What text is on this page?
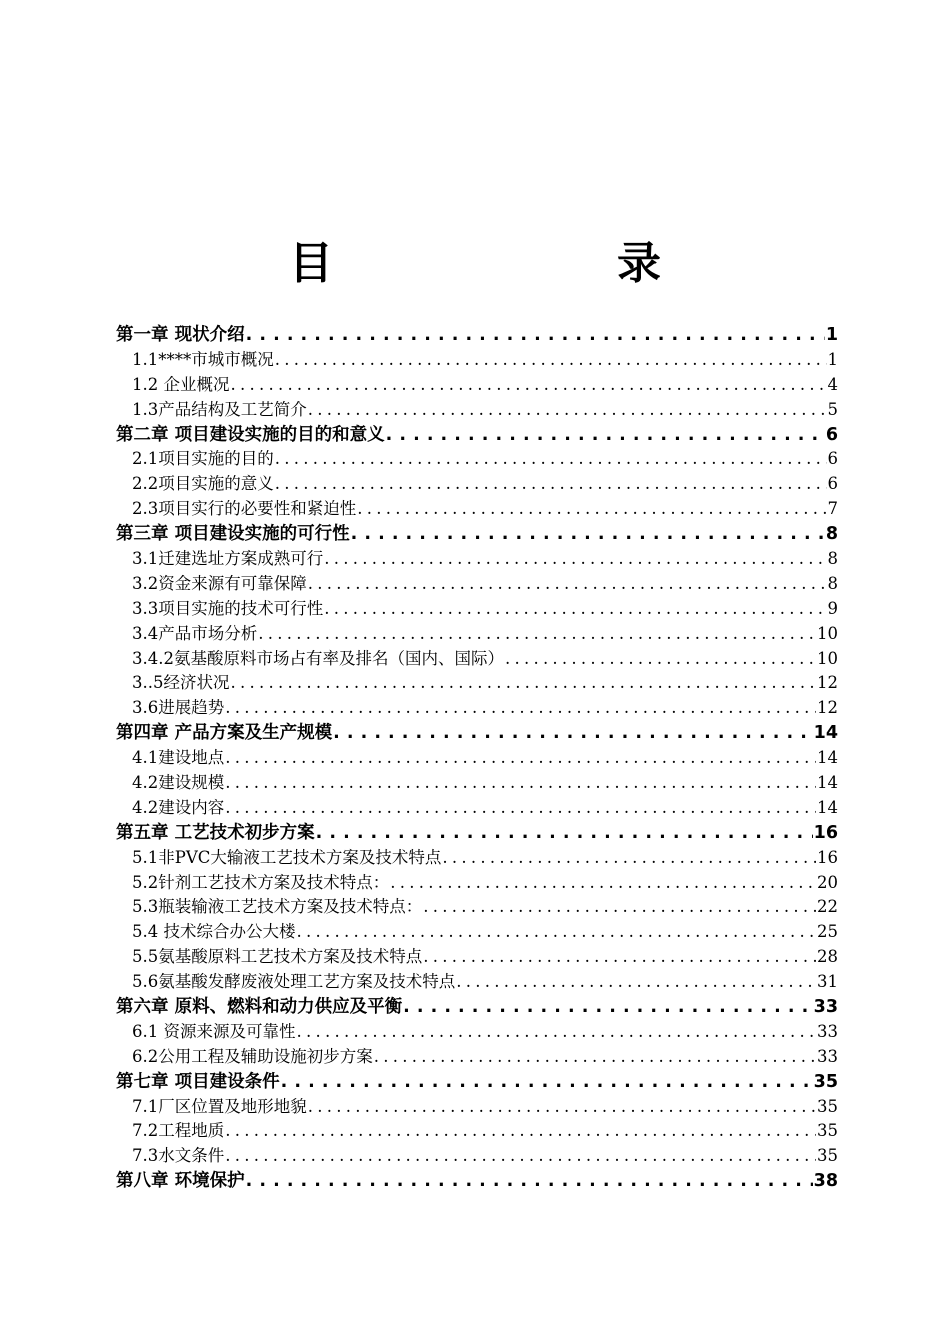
目　录
第一章 现状介绍 . . .	1
1.1****市城市概况 . . .	1
1.2 企业概况 . . .	4
1.3产品结构及工艺简介 . . .	5
第二章 项目建设实施的目的和意义 . . .	6
2.1项目实施的目的 . . .	6
2.2项目实施的意义 . . .	6
2.3项目实行的必要性和紧迫性 . . .	7
第三章 项目建设实施的可行性 . . .	8
3.1迁建选址方案成熟可行 . . .	8
3.2资金来源有可靠保障 . . .	8
3.3项目实施的技术可行性 . . .	9
3.4产品市场分析 . . .	10
3.4.2氨基酸原料市场占有率及排名（国内、国际） . . .	10
3..5经济状况 . . .	12
3.6进展趋势 . . .	12
第四章 产品方案及生产规模 . . .	14
4.1建设地点 . . .	14
4.2建设规模 . . .	14
4.2建设内容 . . .	14
第五章 工艺技术初步方案 . . .	16
5.1非PVC大输液工艺技术方案及技术特点 . . .	16
5.2针剂工艺技术方案及技术特点： . . .	20
5.3瓶装输液工艺技术方案及技术特点： . . .	22
5.4 技术综合办公大楼 . . .	25
5.5氨基酸原料工艺技术方案及技术特点 . . .	28
5.6氨基酸发酵废液处理工艺方案及技术特点 . . .	31
第六章 原料、燃料和动力供应及平衡 . . .	33
6.1 资源来源及可靠性 . . .	33
6.2公用工程及辅助设施初步方案 . . .	33
第七章 项目建设条件 . . .	35
7.1厂区位置及地形地貌 . . .	35
7.2工程地质 . . .	35
7.3水文条件 . . .	35
第八章 环境保护 . . .	38
